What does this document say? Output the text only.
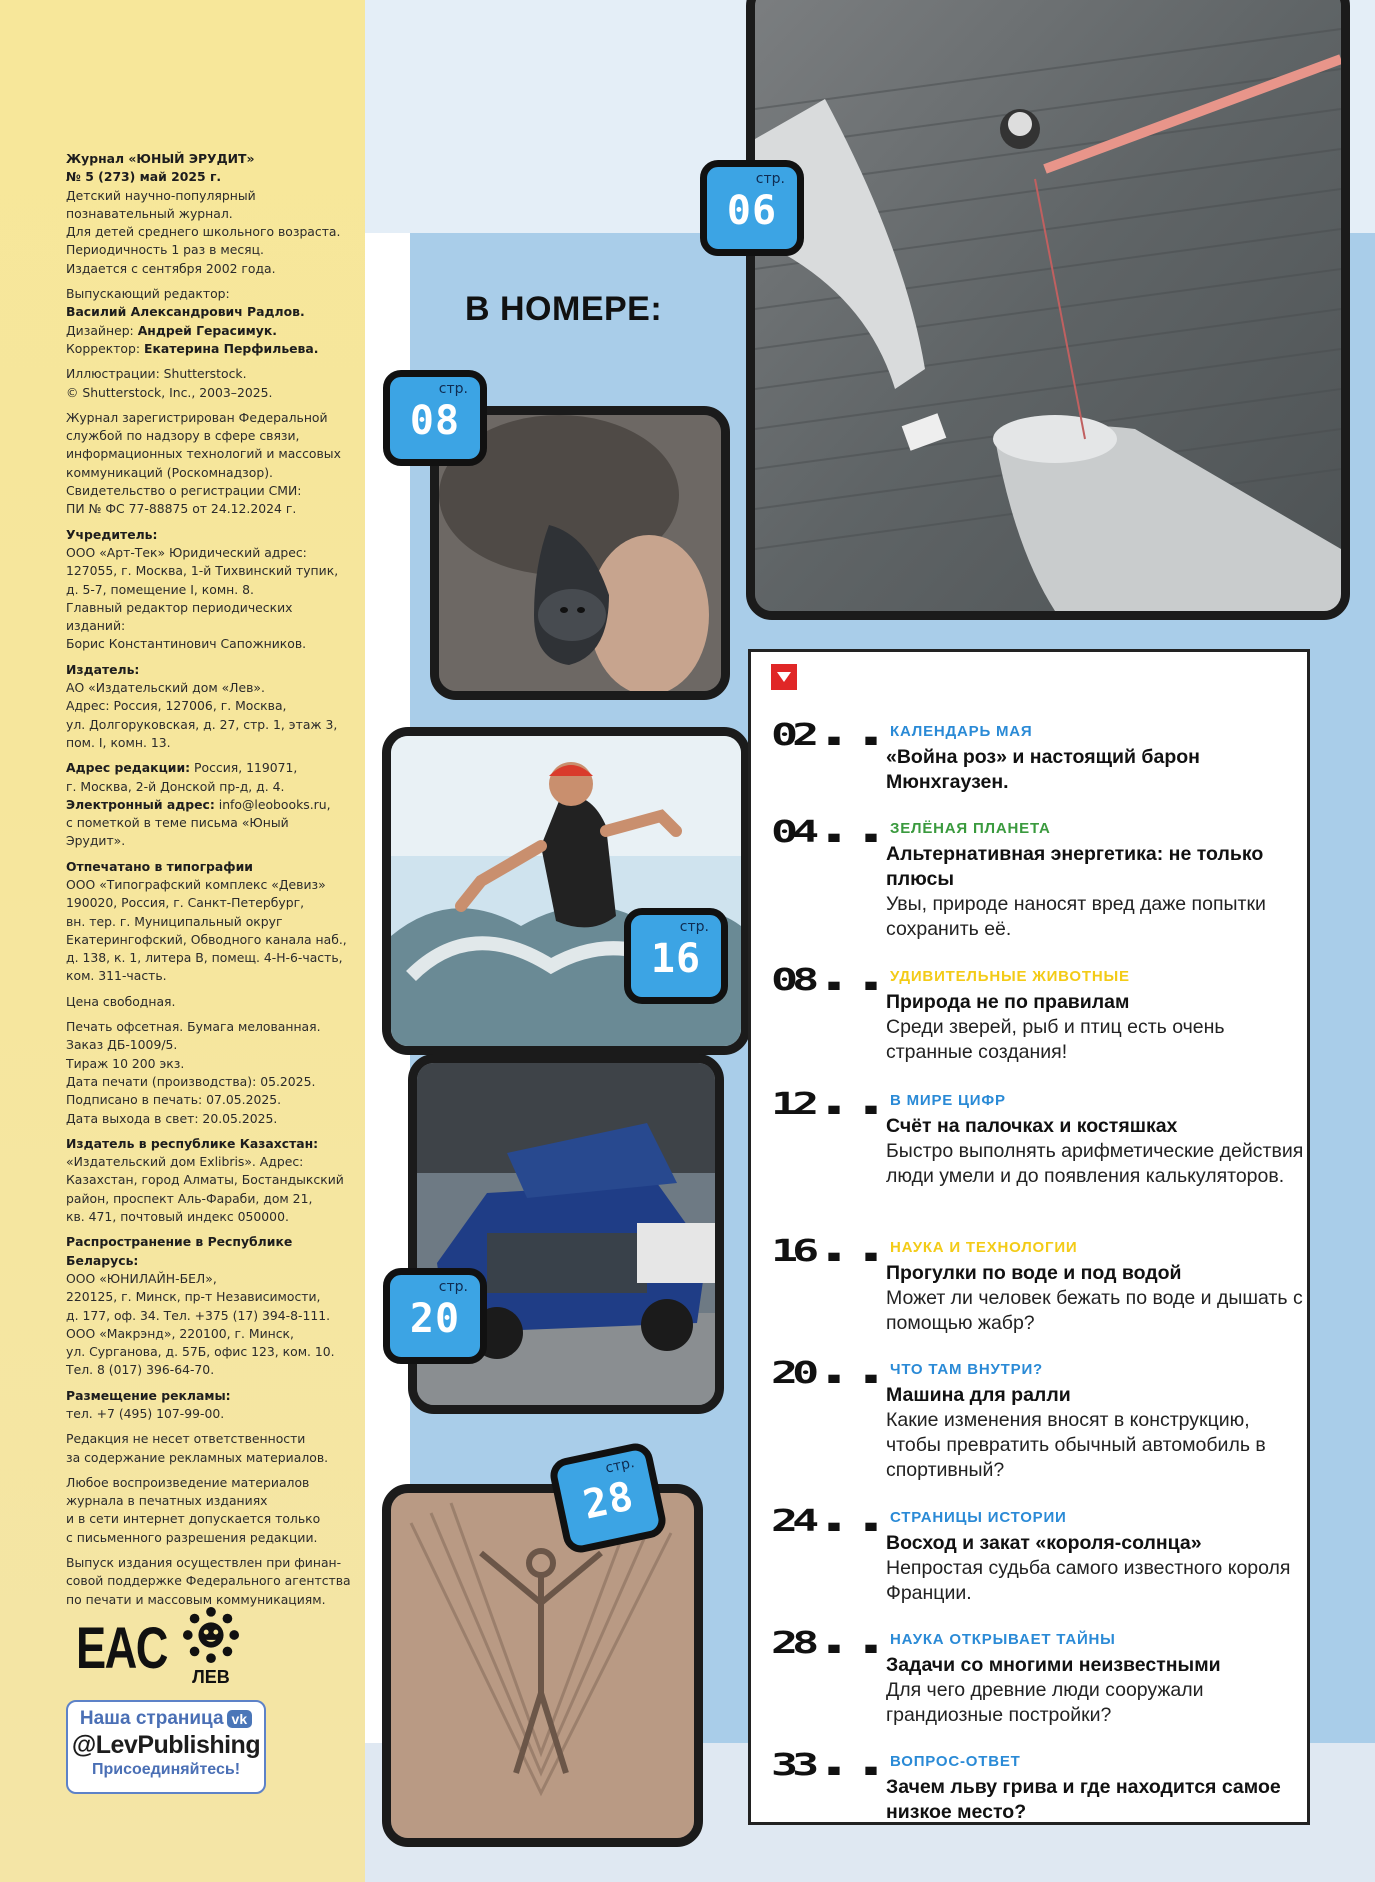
Журнал «ЮНЫЙ ЭРУДИТ»
№ 5 (273) май 2025 г.
Детский научно-популярный
познавательный журнал.
Для детей среднего школьного возраста.
Периодичность 1 раз в месяц.
Издается с сентября 2002 года.
Выпускающий редактор:
Василий Александрович Радлов.
Дизайнер: Андрей Герасимук.
Корректор: Екатерина Перфильева.
Иллюстрации: Shutterstock.
© Shutterstock, Inc., 2003–2025.
Журнал зарегистрирован Федеральной
службой по надзору в сфере связи,
информационных технологий и массовых
коммуникаций (Роскомнадзор).
Свидетельство о регистрации СМИ:
ПИ № ФС 77-88875 от 24.12.2024 г.
Учредитель:
ООО «Арт-Тек» Юридический адрес:
127055, г. Москва, 1-й Тихвинский тупик,
д. 5-7, помещение I, комн. 8.
Главный редактор периодических изданий:
Борис Константинович Сапожников.
Издатель:
АО «Издательский дом «Лев».
Адрес: Россия, 127006, г. Москва,
ул. Долгоруковская, д. 27, стр. 1, этаж 3,
пом. I, комн. 13.
Адрес редакции: Россия, 119071,
г. Москва, 2-й Донской пр-д, д. 4.
Электронный адрес: info@leobooks.ru,
с пометкой в теме письма «Юный Эрудит».
Отпечатано в типографии
ООО «Типографский комплекс «Девиз»
190020, Россия, г. Санкт-Петербург,
вн. тер. г. Муниципальный округ
Екатерингофский, Обводного канала наб.,
д. 138, к. 1, литера В, помещ. 4-Н-6-часть,
ком. 311-часть.
Цена свободная.
Печать офсетная. Бумага мелованная.
Заказ ДБ-1009/5.
Тираж 10 200 экз.
Дата печати (производства): 05.2025.
Подписано в печать: 07.05.2025.
Дата выхода в свет: 20.05.2025.
Издатель в республике Казахстан:
«Издательский дом Exlibris». Адрес:
Казахстан, город Алматы, Бостандыкский
район, проспект Аль-Фараби, дом 21,
кв. 471, почтовый индекс 050000.
Распространение в Республике Беларусь:
ООО «ЮНИЛАЙН-БЕЛ»,
220125, г. Минск, пр-т Независимости,
д. 177, оф. 34. Тел. +375 (17) 394-8-111.
ООО «Макрэнд», 220100, г. Минск,
ул. Сурганова, д. 57Б, офис 123, ком. 10.
Тел. 8 (017) 396-64-70.
Размещение рекламы:
тел. +7 (495) 107-99-00.
Редакция не несет ответственности
за содержание рекламных материалов.
Любое воспроизведение материалов
журнала в печатных изданиях
и в сети интернет допускается только
с письменного разрешения редакции.
Выпуск издания осуществлен при финан-
совой поддержке Федерального агентства
по печати и массовым коммуникациям.
EAC	ЛЕВ
Наша страница vk
@LevPublishing
Присоединяйтесь!
В НОМЕРЕ:
стр.
06
стр.
08
стр.
16
стр.
20
стр.
28
02.. КАЛЕНДАРЬ МАЯ
«Война роз» и настоящий барон Мюнхгаузен.
04.. ЗЕЛЁНАЯ ПЛАНЕТА
Альтернативная энергетика: не только плюсы
Увы, природе наносят вред даже попытки сохранить её.
08.. УДИВИТЕЛЬНЫЕ ЖИВОТНЫЕ
Природа не по правилам
Среди зверей, рыб и птиц есть очень странные создания!
12.. В МИРЕ ЦИФР
Счёт на палочках и костяшках
Быстро выполнять арифметические действия люди умели и до появления калькуляторов.
16.. НАУКА И ТЕХНОЛОГИИ
Прогулки по воде и под водой
Может ли человек бежать по воде и дышать с помощью жабр?
20.. ЧТО ТАМ ВНУТРИ?
Машина для ралли
Какие изменения вносят в конструкцию, чтобы превратить обычный автомобиль в спортивный?
24.. СТРАНИЦЫ ИСТОРИИ
Восход и закат «короля-солнца»
Непростая судьба самого известного короля Франции.
28.. НАУКА ОТКРЫВАЕТ ТАЙНЫ
Задачи со многими неизвестными
Для чего древние люди сооружали грандиозные постройки?
33.. ВОПРОС-ОТВЕТ
Зачем льву грива и где находится самое низкое место?
